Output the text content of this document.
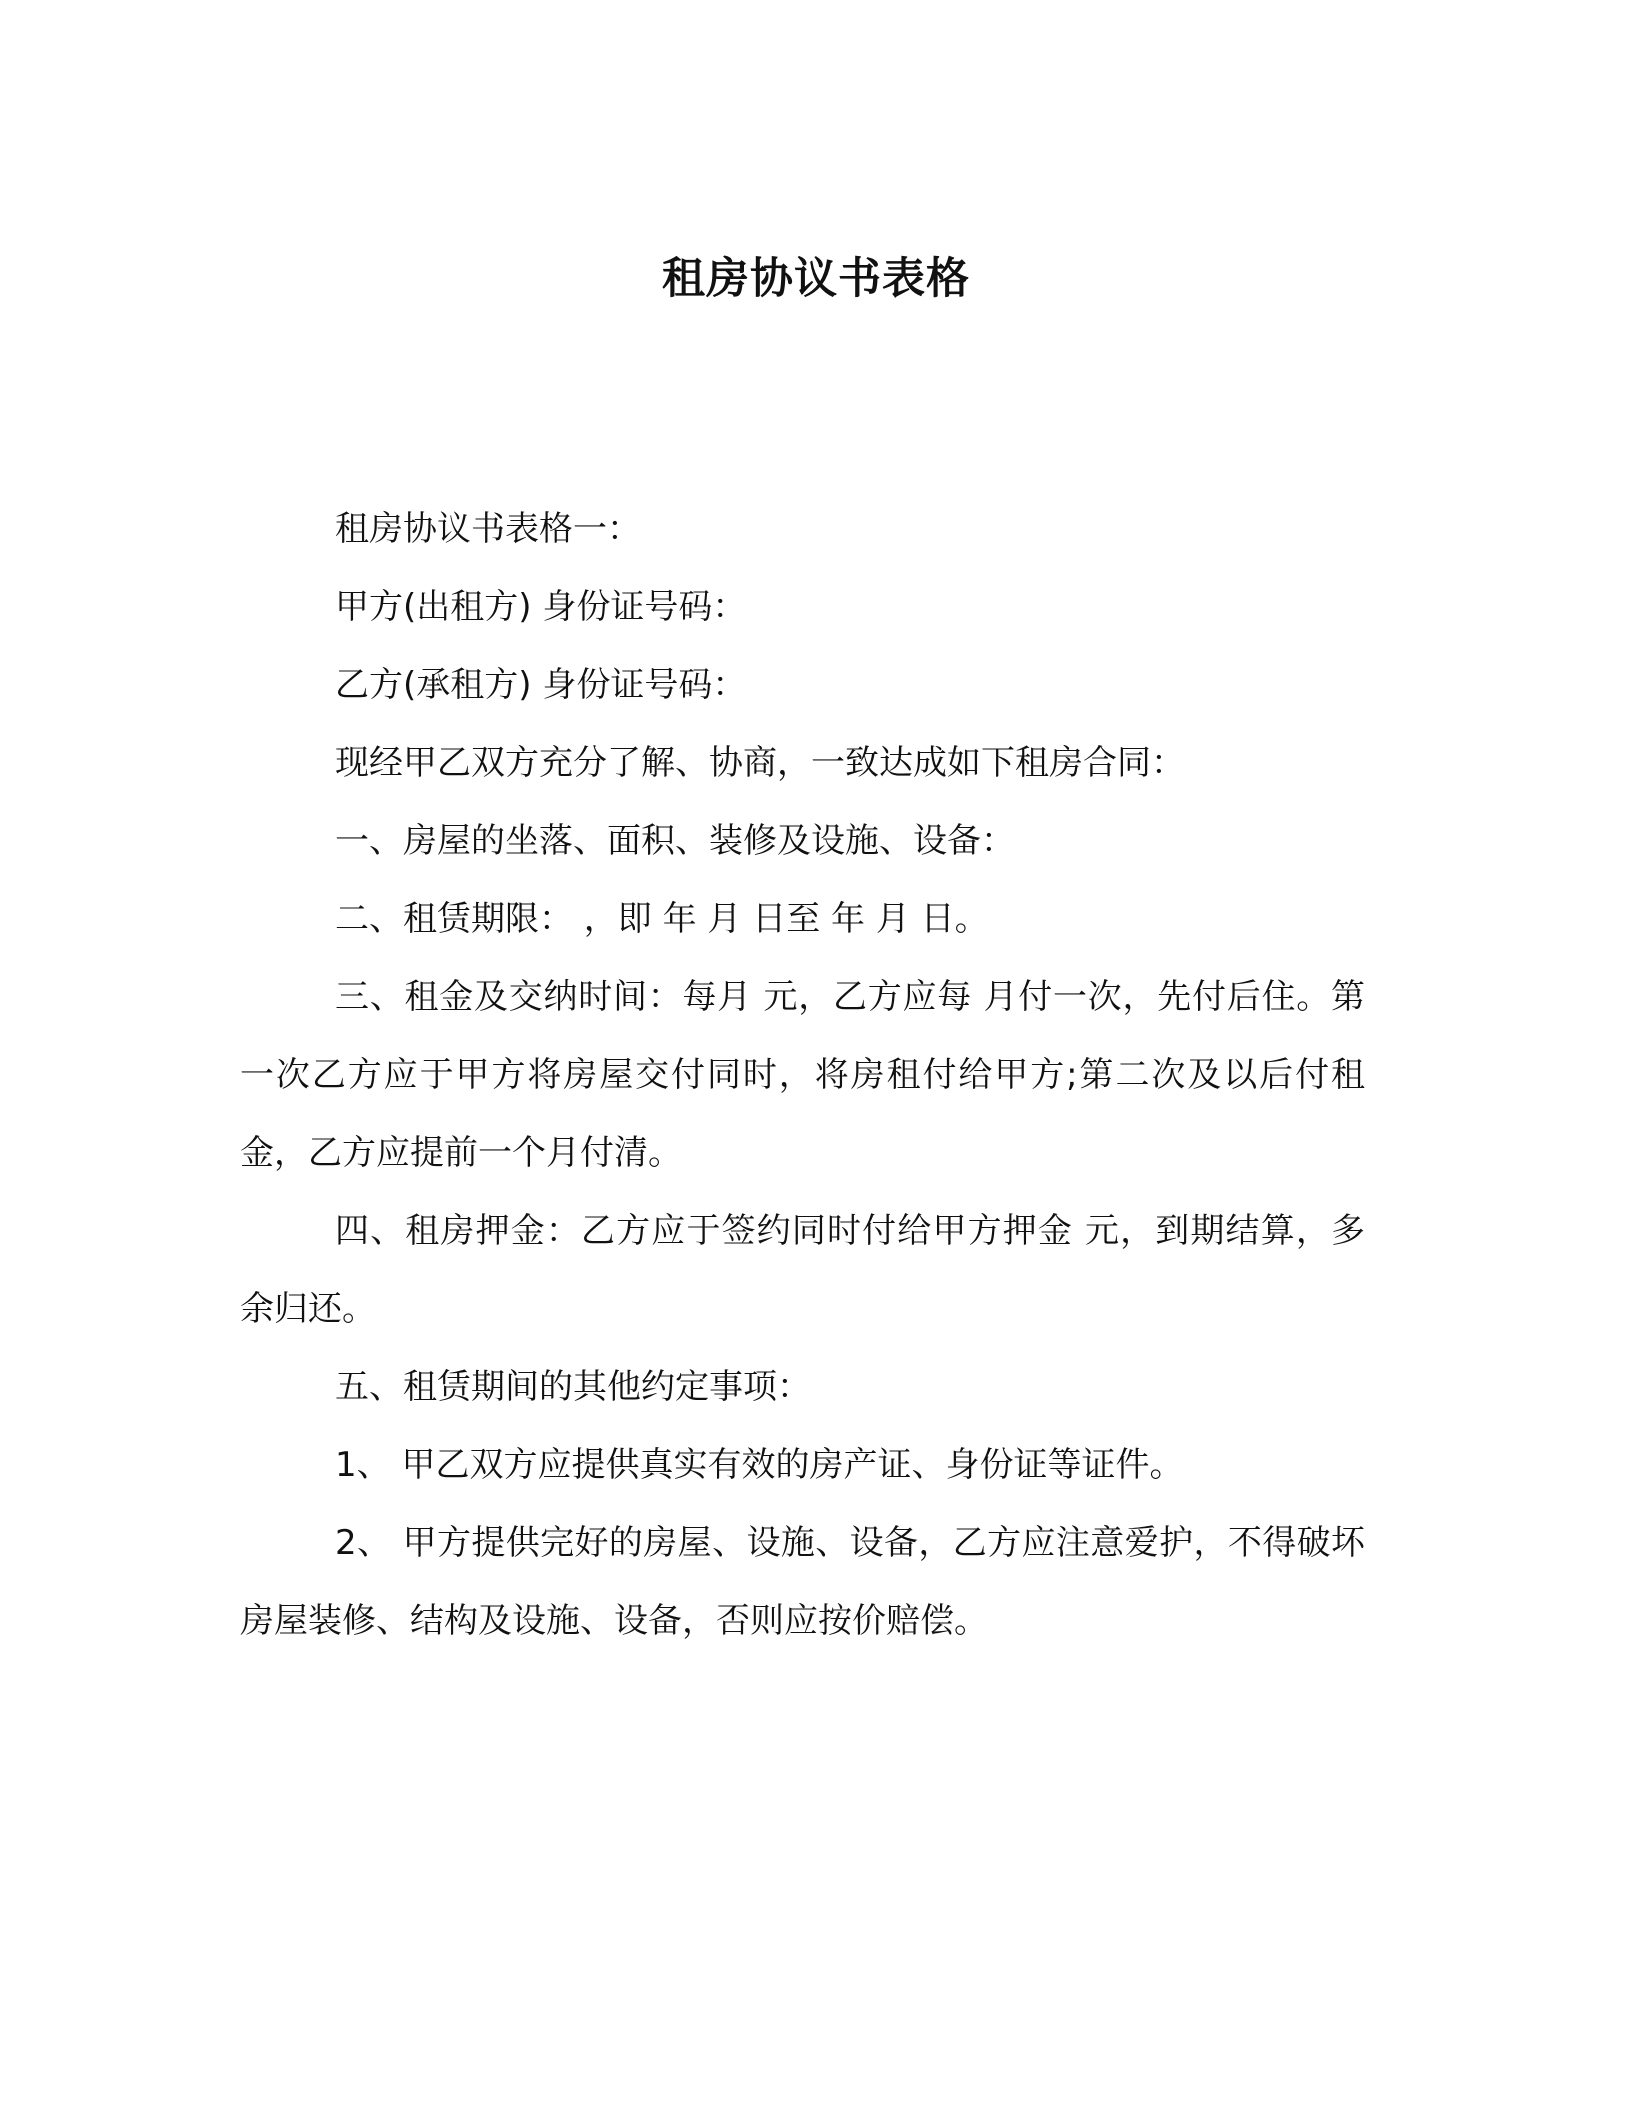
租房协议书表格

租房协议书表格一：

甲方(出租方) 身份证号码：

乙方(承租方) 身份证号码：

现经甲乙双方充分了解、协商，一致达成如下租房合同：

一、房屋的坐落、面积、装修及设施、设备：

二、租赁期限： ，即 年 月 日至 年 月 日。

三、租金及交纳时间：每月 元，乙方应每 月付一次，先付后住。第一次乙方应于甲方将房屋交付同时，将房租付给甲方;第二次及以后付租金，乙方应提前一个月付清。

四、租房押金：乙方应于签约同时付给甲方押金 元，到期结算，多余归还。

五、租赁期间的其他约定事项：

1、 甲乙双方应提供真实有效的房产证、身份证等证件。

2、 甲方提供完好的房屋、设施、设备，乙方应注意爱护，不得破坏房屋装修、结构及设施、设备，否则应按价赔偿。
